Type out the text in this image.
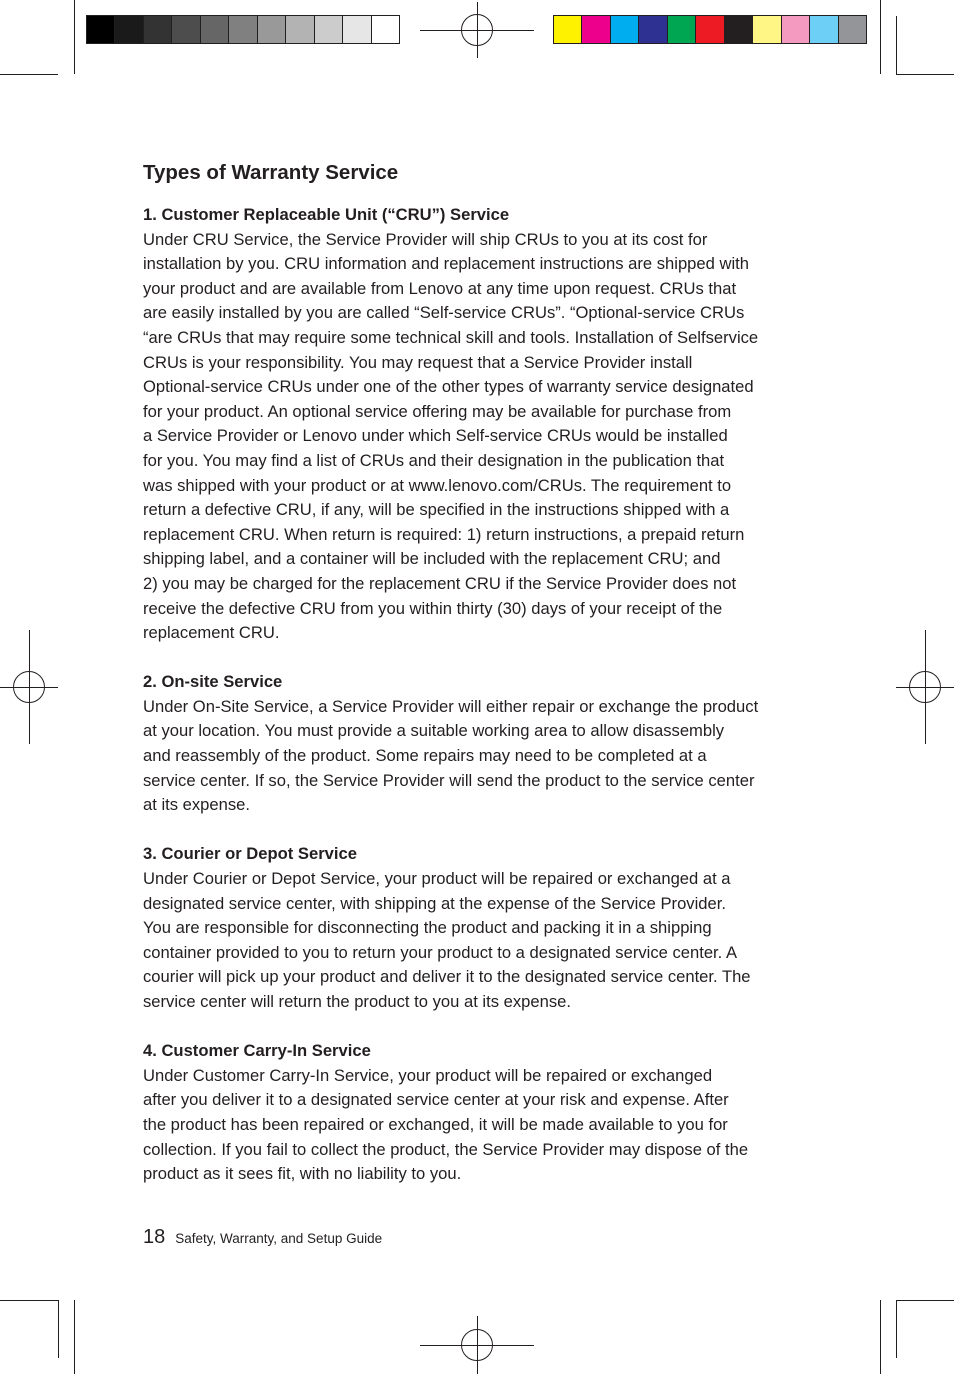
Types of Warranty Service

1. Customer Replaceable Unit (“CRU”) Service

Under CRU Service, the Service Provider will ship CRUs to you at its cost for
installation by you. CRU information and replacement instructions are shipped with
your product and are available from Lenovo at any time upon request. CRUs that
are easily installed by you are called “Self-service CRUs”. “Optional-service CRUs
“are CRUs that may require some technical skill and tools. Installation of Selfservice
CRUs is your responsibility. You may request that a Service Provider install
Optional-service CRUs under one of the other types of warranty service designated
for your product. An optional service offering may be available for purchase from
a Service Provider or Lenovo under which Self-service CRUs would be installed
for you. You may find a list of CRUs and their designation in the publication that
was shipped with your product or at www.lenovo.com/CRUs. The requirement to
return a defective CRU, if any, will be specified in the instructions shipped with a
replacement CRU. When return is required: 1) return instructions, a prepaid return
shipping label, and a container will be included with the replacement CRU; and
2) you may be charged for the replacement CRU if the Service Provider does not
receive the defective CRU from you within thirty (30) days of your receipt of the
replacement CRU.

2. On-site Service

Under On-Site Service, a Service Provider will either repair or exchange the product
at your location. You must provide a suitable working area to allow disassembly
and reassembly of the product. Some repairs may need to be completed at a
service center. If so, the Service Provider will send the product to the service center
at its expense.

3. Courier or Depot Service

Under Courier or Depot Service, your product will be repaired or exchanged at a
designated service center, with shipping at the expense of the Service Provider.
You are responsible for disconnecting the product and packing it in a shipping
container provided to you to return your product to a designated service center. A
courier will pick up your product and deliver it to the designated service center. The
service center will return the product to you at its expense.

4. Customer Carry-In Service

Under Customer Carry-In Service, your product will be repaired or exchanged
after you deliver it to a designated service center at your risk and expense. After
the product has been repaired or exchanged, it will be made available to you for
collection. If you fail to collect the product, the Service Provider may dispose of the
product as it sees fit, with no liability to you.

18 Safety, Warranty, and Setup Guide
